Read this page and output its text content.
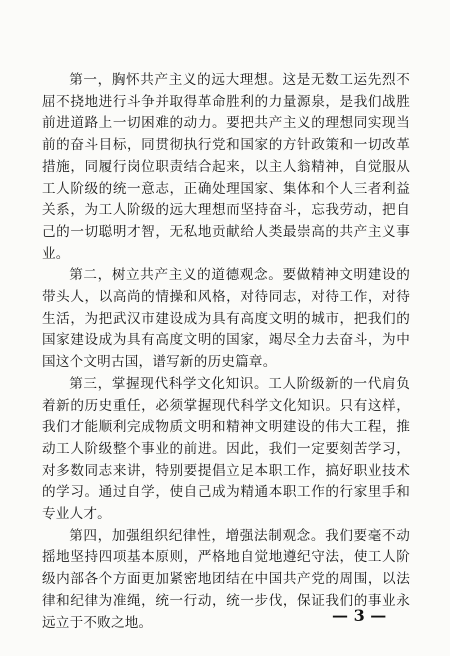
第一，胸怀共产主义的远大理想。这是无数工运先烈不屈不挠地进行斗争并取得革命胜利的力量源泉，是我们战胜前进道路上一切困难的动力。要把共产主义的理想同实现当前的奋斗目标，同贯彻执行党和国家的方针政策和一切改革措施，同履行岗位职责结合起来，以主人翁精神，自觉服从工人阶级的统一意志，正确处理国家、集体和个人三者利益关系，为工人阶级的远大理想而坚持奋斗，忘我劳动，把自己的一切聪明才智，无私地贡献给人类最崇高的共产主义事业。

第二，树立共产主义的道德观念。要做精神文明建设的带头人，以高尚的情操和风格，对待同志，对待工作，对待生活，为把武汉市建设成为具有高度文明的城市，把我们的国家建设成为具有高度文明的国家，竭尽全力去奋斗，为中国这个文明古国，谱写新的历史篇章。

第三，掌握现代科学文化知识。工人阶级新的一代肩负着新的历史重任，必须掌握现代科学文化知识。只有这样，我们才能顺利完成物质文明和精神文明建设的伟大工程，推动工人阶级整个事业的前进。因此，我们一定要刻苦学习，对多数同志来讲，特别要提倡立足本职工作，搞好职业技术的学习。通过自学，使自己成为精通本职工作的行家里手和专业人才。

第四，加强组织纪律性，增强法制观念。我们要毫不动摇地坚持四项基本原则，严格地自觉地遵纪守法，使工人阶级内部各个方面更加紧密地团结在中国共产党的周围，以法律和纪律为准绳，统一行动，统一步伐，保证我们的事业永远立于不败之地。	— 3 —
